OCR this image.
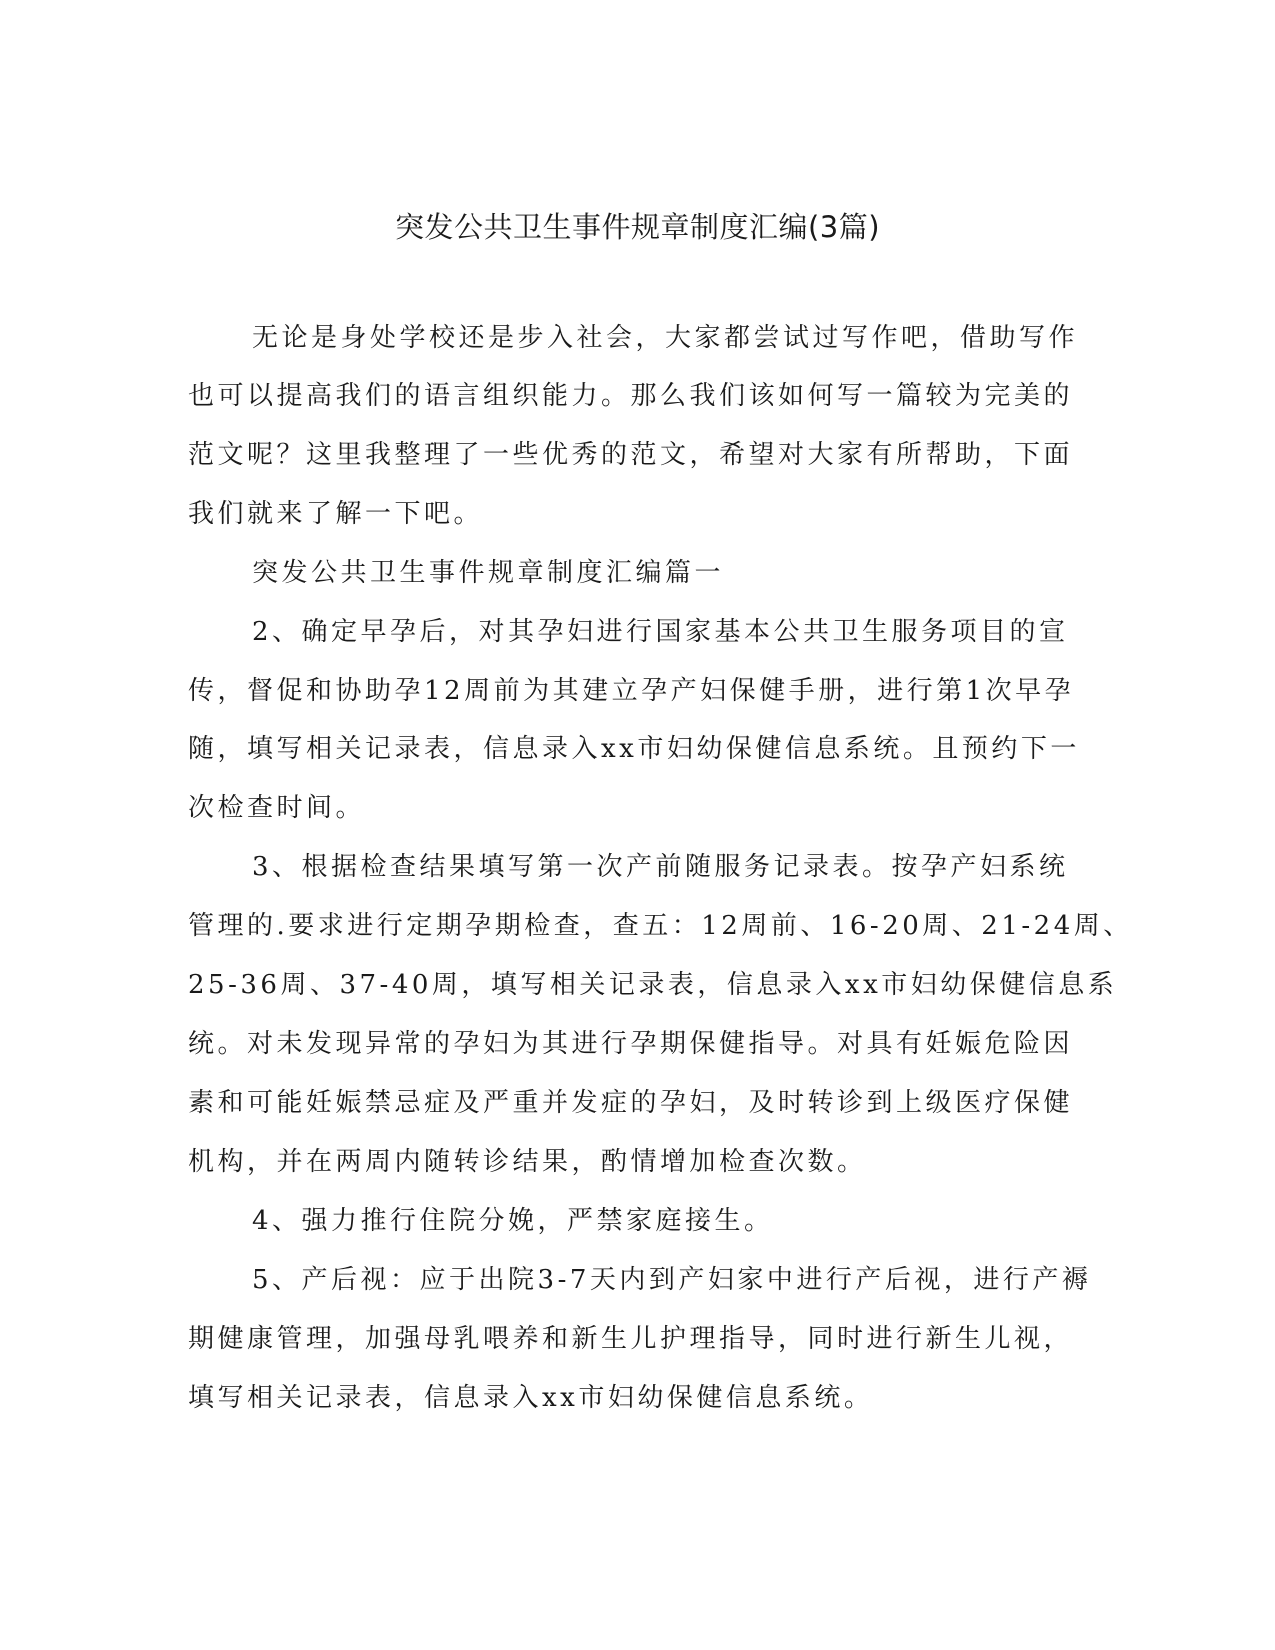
突发公共卫生事件规章制度汇编(3篇)
无论是身处学校还是步入社会，大家都尝试过写作吧，借助写作
也可以提高我们的语言组织能力。那么我们该如何写一篇较为完美的
范文呢？这里我整理了一些优秀的范文，希望对大家有所帮助，下面
我们就来了解一下吧。
突发公共卫生事件规章制度汇编篇一
2、确定早孕后，对其孕妇进行国家基本公共卫生服务项目的宣
传，督促和协助孕12周前为其建立孕产妇保健手册，进行第1次早孕
随，填写相关记录表，信息录入xx市妇幼保健信息系统。且预约下一
次检查时间。
3、根据检查结果填写第一次产前随服务记录表。按孕产妇系统
管理的.要求进行定期孕期检查，查五：12周前、16-20周、21-24周、
25-36周、37-40周，填写相关记录表，信息录入xx市妇幼保健信息系
统。对未发现异常的孕妇为其进行孕期保健指导。对具有妊娠危险因
素和可能妊娠禁忌症及严重并发症的孕妇，及时转诊到上级医疗保健
机构，并在两周内随转诊结果，酌情增加检查次数。
4、强力推行住院分娩，严禁家庭接生。
5、产后视：应于出院3-7天内到产妇家中进行产后视，进行产褥
期健康管理，加强母乳喂养和新生儿护理指导，同时进行新生儿视，
填写相关记录表，信息录入xx市妇幼保健信息系统。
